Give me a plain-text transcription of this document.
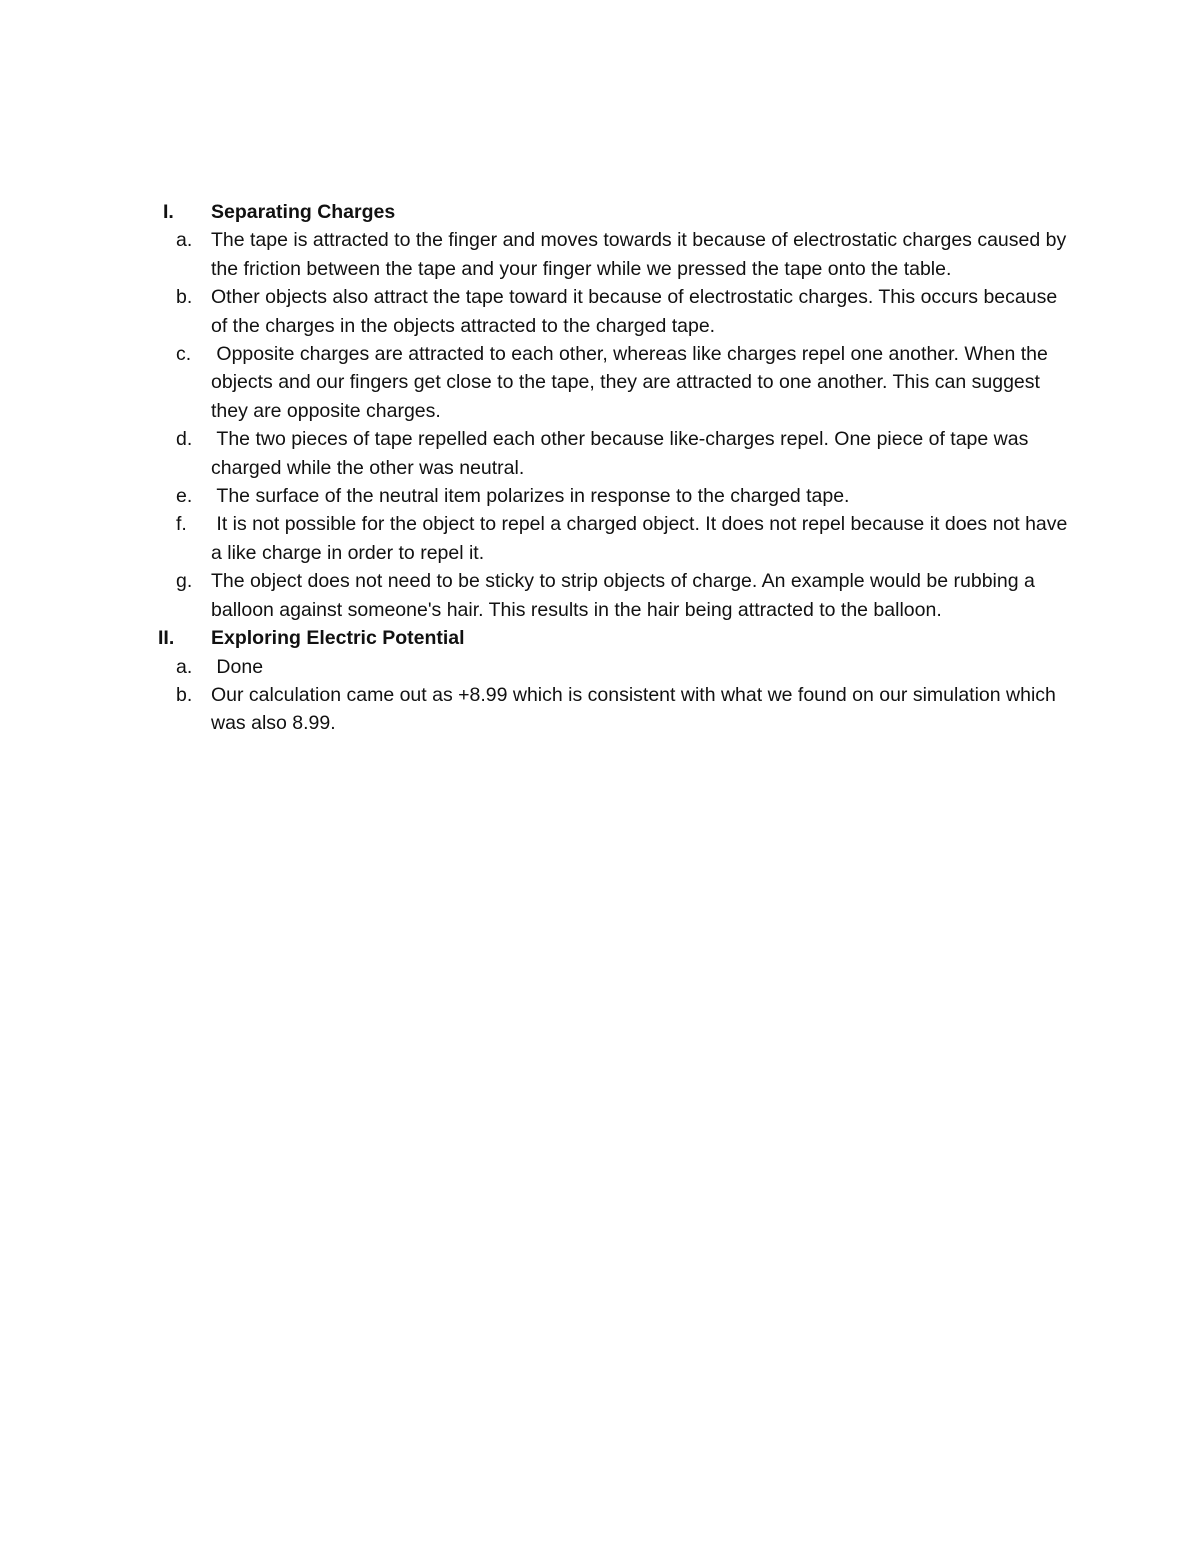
I. Separating Charges
a. The tape is attracted to the finger and moves towards it because of electrostatic charges caused by the friction between the tape and your finger while we pressed the tape onto the table.
b. Other objects also attract the tape toward it because of electrostatic charges. This occurs because of the charges in the objects attracted to the charged tape.
c. Opposite charges are attracted to each other, whereas like charges repel one another. When the objects and our fingers get close to the tape, they are attracted to one another. This can suggest they are opposite charges.
d. The two pieces of tape repelled each other because like-charges repel. One piece of tape was charged while the other was neutral.
e. The surface of the neutral item polarizes in response to the charged tape.
f. It is not possible for the object to repel a charged object. It does not repel because it does not have a like charge in order to repel it.
g. The object does not need to be sticky to strip objects of charge. An example would be rubbing a balloon against someone's hair. This results in the hair being attracted to the balloon.
II. Exploring Electric Potential
a. Done
b. Our calculation came out as +8.99 which is consistent with what we found on our simulation which was also 8.99.
